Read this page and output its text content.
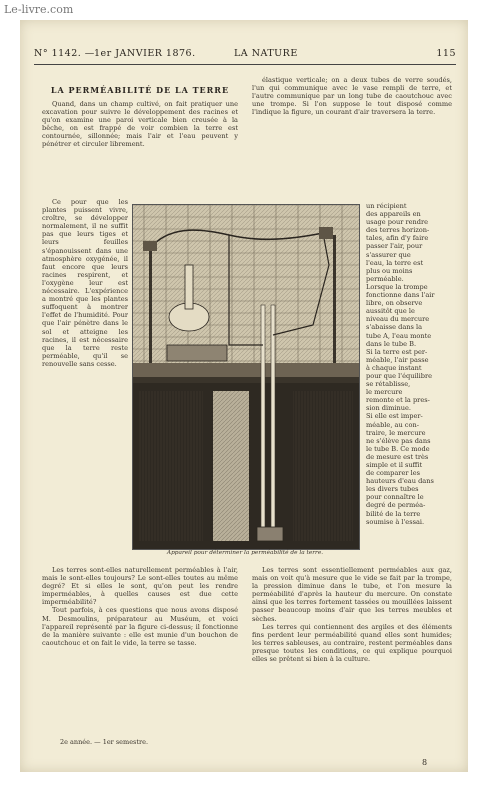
Le-livre.com
N° 1142. — 1er JANVIER 1876.	LA NATURE	115
LA PERMÉABILITÉ DE LA TERRE

Quand, dans un champ cultivé, on fait pratiquer une excavation pour suivre le développement des racines et qu'on examine une paroi verticale bien creusée à la bêche, on est frappé de voir combien la terre est contournée, sillonnée; mais l'air et l'eau peuvent y pénétrer et circuler librement.

Ce pour que les plantes puissent vivre, croître, se développer normalement, il ne suffit pas que leurs tiges et leurs feuilles s'épanouissent dans une atmosphère oxygénée, il faut encore que leurs racines respirent, et l'oxygène leur est nécessaire. L'expérience a montré que les plantes suffoquent à montrer l'effet de l'humidité. Pour que l'air pénètre dans le sol et atteigne les racines, il est nécessaire que la terre reste perméable, qu'il se renouvelle sans cesse.

Les terres sont-elles naturellement perméables à l'air, mais le sont-elles toujours? Le sont-elles toutes au même degré? Et si elles le sont, qu'on peut les rendre imperméables, à quelles causes est due cette imperméabilité?

Tout parfois, à ces questions que nous avons disposé M. Desmoulins, préparateur au Muséum, et voici l'appareil représenté par la figure ci-dessus; il fonctionne de la manière suivante : elle est munie d'un bouchon de caoutchouc et on fait le vide, la terre se tasse.

élastique verticale; on a deux tubes de verre soudés, l'un qui communique avec le vase rempli de terre, et l'autre communique par un long tube de caoutchouc avec une trompe. Si l'on suppose le tout disposé comme l'indique la figure, un courant d'air traversera la terre.

Appareil pour déterminer la perméabilité de la terre.
un récipient
des appareils en
usage pour rendre
des terres horizon-
tales, afin d'y faire
passer l'air, pour
s'assurer que
l'eau, la terre est
plus ou moins
perméable.
Lorsque la trompe
fonctionne dans l'air
libre, on observe
aussitôt que le
niveau du mercure
s'abaisse dans la
tube A, l'eau monte
dans le tube B.
Si la terre est per-
méable, l'air passe
à chaque instant
pour que l'équilibre
se rétablisse,
le mercure
remonte et la pres-
sion diminue.
Si elle est imper-
méable, au con-
traire, le mercure
ne s'élève pas dans
le tube B. Ce mode
de mesure est très
simple et il suffit
de comparer les
hauteurs d'eau dans
les divers tubes
pour connaître le
degré de perméa-
bilité de la terre
soumise à l'essai.

Les terres sont essentiellement perméables aux gaz, mais on voit qu'à mesure que le vide se fait par la trompe, la pression diminue dans le tube, et l'on mesure la perméabilité d'après la hauteur du mercure. On constate ainsi que les terres fortement tassées ou mouillées laissent passer beaucoup moins d'air que les terres meubles et sèches.

Les terres qui contiennent des argiles et des éléments fins perdent leur perméabilité quand elles sont humides; les terres sableuses, au contraire, restent perméables dans presque toutes les conditions, ce qui explique pourquoi elles se prêtent si bien à la culture.

2e année. — 1er semestre.
8
